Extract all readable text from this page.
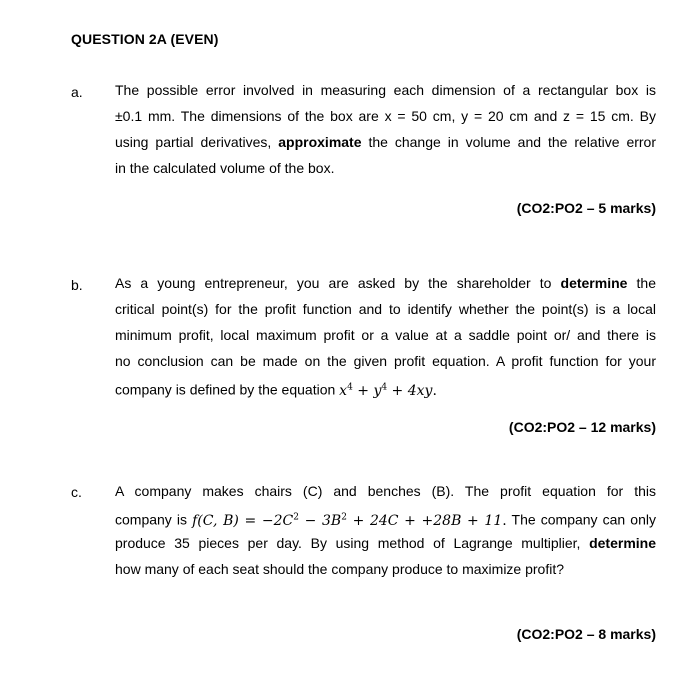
QUESTION 2A (EVEN)
a. The possible error involved in measuring each dimension of a rectangular box is
±0.1 mm. The dimensions of the box are x = 50 cm, y = 20 cm and z = 15 cm. By
using partial derivatives, approximate the change in volume and the relative error
in the calculated volume of the box.
(CO2:PO2 – 5 marks)
b. As a young entrepreneur, you are asked by the shareholder to determine the
critical point(s) for the profit function and to identify whether the point(s) is a local
minimum profit, local maximum profit or a value at a saddle point or/ and there is
no conclusion can be made on the given profit equation. A profit function for your
company is defined by the equation $x^4 + y^4 + 4xy$.
(CO2:PO2 – 12 marks)
c. A company makes chairs (C) and benches (B). The profit equation for this
company is f(C, $B) = -2C^2 - 3B^2 + 24C + +28B + 11$. The company can only
produce 35 pieces per day. By using method of Lagrange multiplier, determine
how many of each seat should the company produce to maximize profit?
(CO2:PO2 – 8 marks)
